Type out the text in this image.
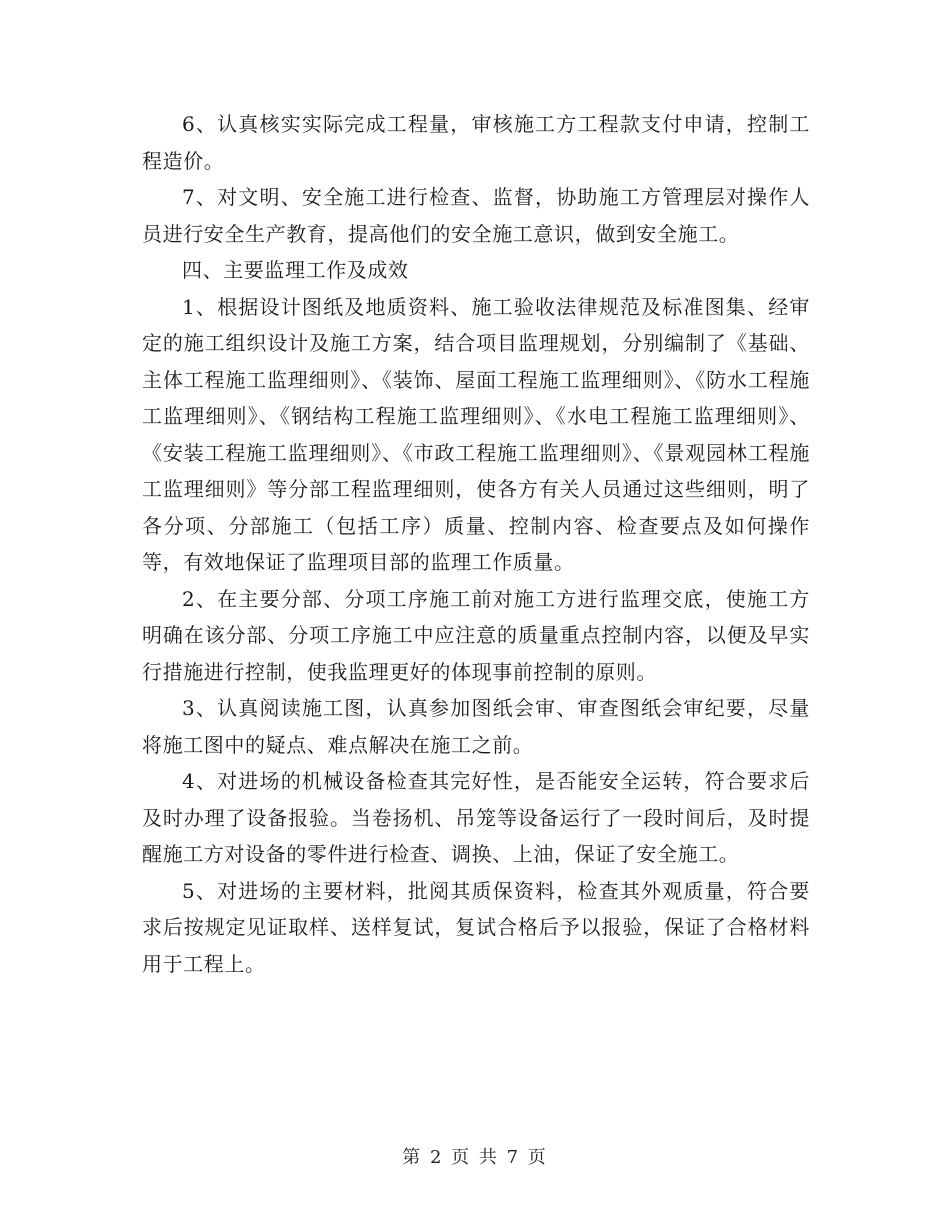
6、认真核实实际完成工程量，审核施工方工程款支付申请，控制工程造价。

7、对文明、安全施工进行检查、监督，协助施工方管理层对操作人员进行安全生产教育，提高他们的安全施工意识，做到安全施工。

四、主要监理工作及成效

1、根据设计图纸及地质资料、施工验收法律规范及标准图集、经审定的施工组织设计及施工方案，结合项目监理规划，分别编制了《基础、主体工程施工监理细则》、《装饰、屋面工程施工监理细则》、《防水工程施工监理细则》、《钢结构工程施工监理细则》、《水电工程施工监理细则》、《安装工程施工监理细则》、《市政工程施工监理细则》、《景观园林工程施工监理细则》等分部工程监理细则，使各方有关人员通过这些细则，明了各分项、分部施工（包括工序）质量、控制内容、检查要点及如何操作等，有效地保证了监理项目部的监理工作质量。

2、在主要分部、分项工序施工前对施工方进行监理交底，使施工方明确在该分部、分项工序施工中应注意的质量重点控制内容，以便及早实行措施进行控制，使我监理更好的体现事前控制的原则。

3、认真阅读施工图，认真参加图纸会审、审查图纸会审纪要，尽量将施工图中的疑点、难点解决在施工之前。

4、对进场的机械设备检查其完好性，是否能安全运转，符合要求后及时办理了设备报验。当卷扬机、吊笼等设备运行了一段时间后，及时提醒施工方对设备的零件进行检查、调换、上油，保证了安全施工。

5、对进场的主要材料，批阅其质保资料，检查其外观质量，符合要求后按规定见证取样、送样复试，复试合格后予以报验，保证了合格材料用于工程上。

第 2 页 共 7 页
